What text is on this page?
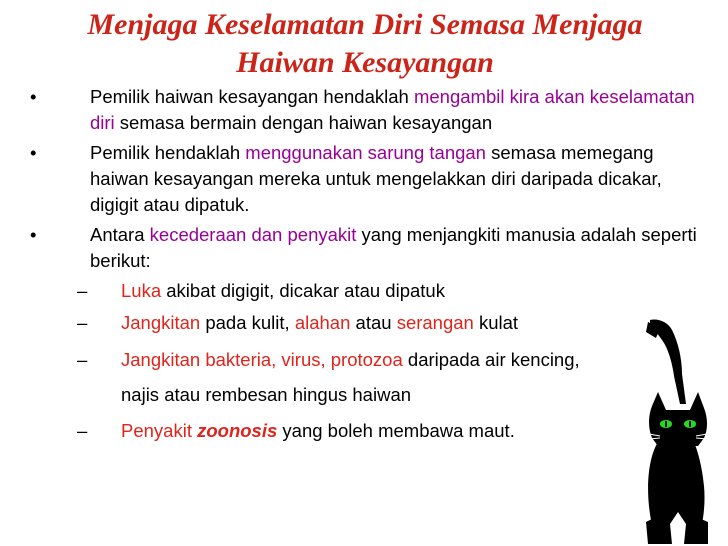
Menjaga Keselamatan Diri Semasa Menjaga
Haiwan Kesayangan
•	Pemilik haiwan kesayangan hendaklah mengambil kira akan keselamatan diri semasa bermain dengan haiwan kesayangan
•	Pemilik hendaklah menggunakan sarung tangan semasa memegang haiwan kesayangan mereka untuk mengelakkan diri daripada dicakar, digigit atau dipatuk.
•	Antara kecederaan dan penyakit yang menjangkiti manusia adalah seperti berikut:
– Luka akibat digigit, dicakar atau dipatuk
– Jangkitan pada kulit, alahan atau serangan kulat
– Jangkitan bakteria, virus, protozoa daripada air kencing, najis atau rembesan hingus haiwan
– Penyakit zoonosis yang boleh membawa maut.
